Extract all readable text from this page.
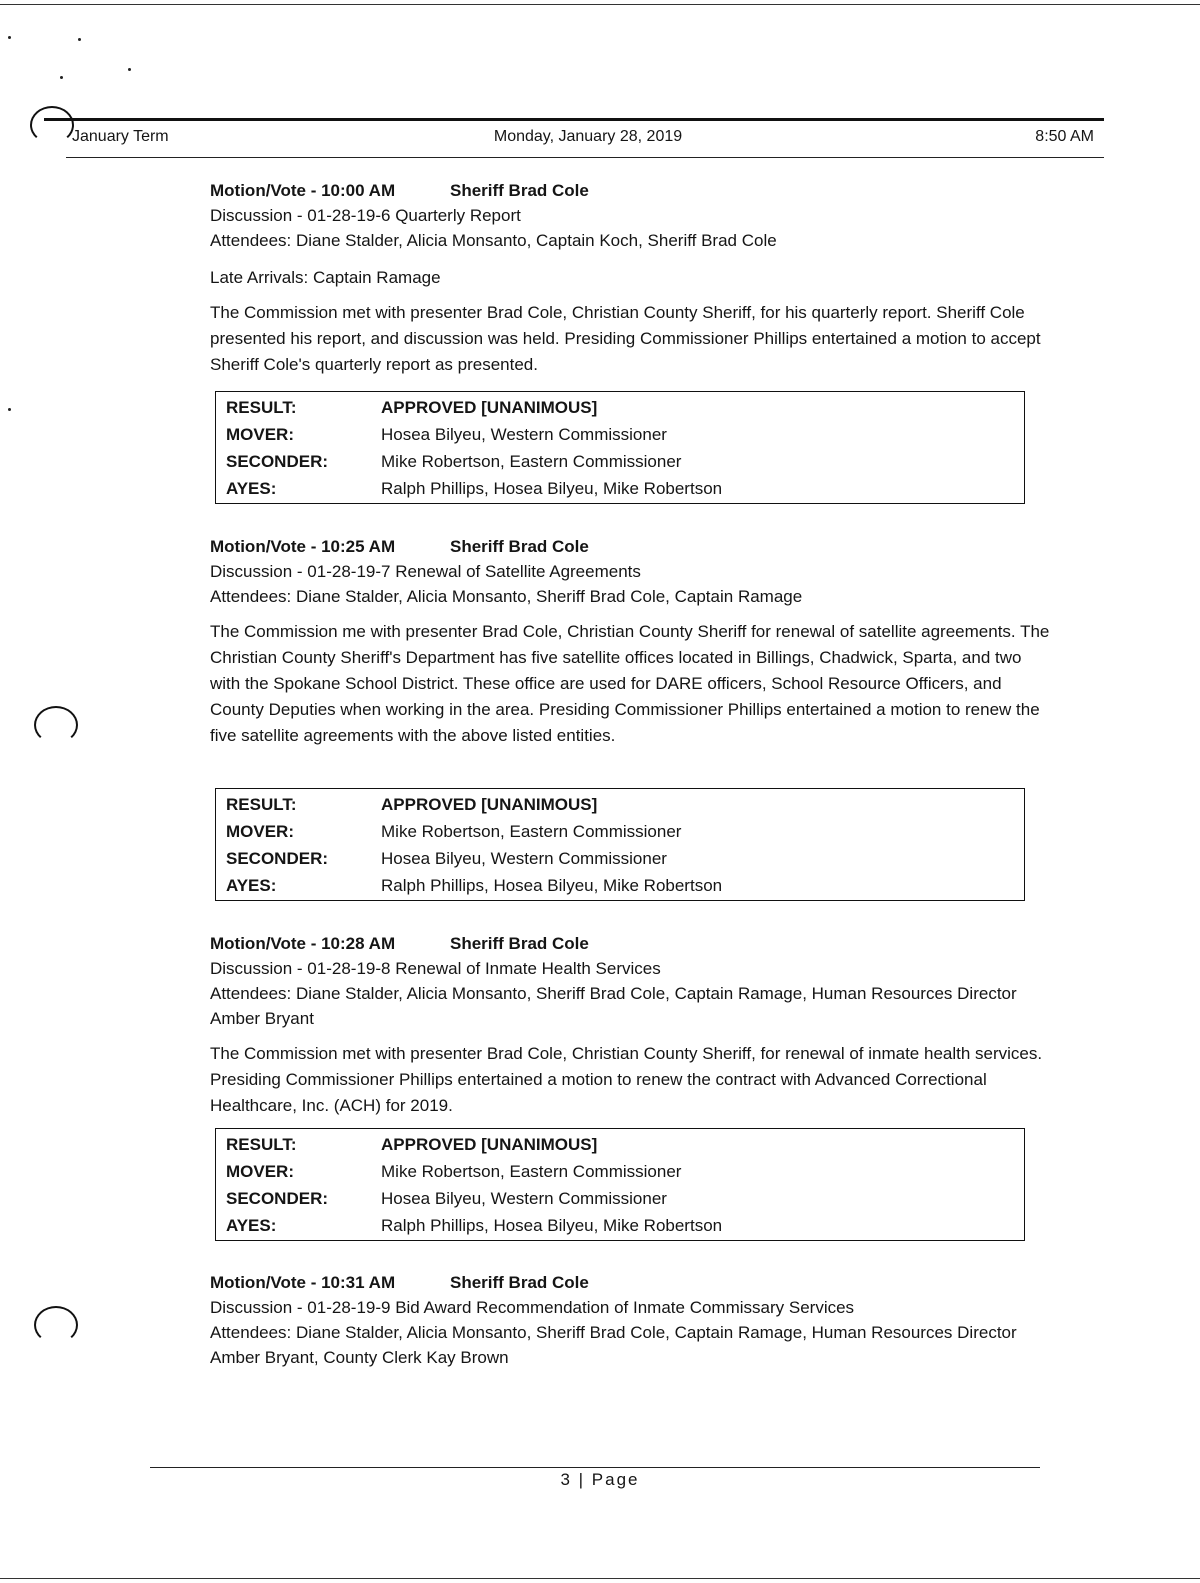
January Term	Monday, January 28, 2019	8:50 AM
Motion/Vote - 10:00 AM	Sheriff Brad Cole
Discussion - 01-28-19-6 Quarterly Report
Attendees: Diane Stalder, Alicia Monsanto, Captain Koch, Sheriff Brad Cole
Late Arrivals: Captain Ramage
The Commission met with presenter Brad Cole, Christian County Sheriff, for his quarterly report. Sheriff Cole presented his report, and discussion was held. Presiding Commissioner Phillips entertained a motion to accept Sheriff Cole's quarterly report as presented.
RESULT:	APPROVED [UNANIMOUS]
MOVER:	Hosea Bilyeu, Western Commissioner
SECONDER:	Mike Robertson, Eastern Commissioner
AYES:	Ralph Phillips, Hosea Bilyeu, Mike Robertson
Motion/Vote - 10:25 AM	Sheriff Brad Cole
Discussion - 01-28-19-7 Renewal of Satellite Agreements
Attendees: Diane Stalder, Alicia Monsanto, Sheriff Brad Cole, Captain Ramage
The Commission me with presenter Brad Cole, Christian County Sheriff for renewal of satellite agreements. The Christian County Sheriff's Department has five satellite offices located in Billings, Chadwick, Sparta, and two with the Spokane School District. These office are used for DARE officers, School Resource Officers, and County Deputies when working in the area. Presiding Commissioner Phillips entertained a motion to renew the five satellite agreements with the above listed entities.
RESULT:	APPROVED [UNANIMOUS]
MOVER:	Mike Robertson, Eastern Commissioner
SECONDER:	Hosea Bilyeu, Western Commissioner
AYES:	Ralph Phillips, Hosea Bilyeu, Mike Robertson
Motion/Vote - 10:28 AM	Sheriff Brad Cole
Discussion - 01-28-19-8 Renewal of Inmate Health Services
Attendees: Diane Stalder, Alicia Monsanto, Sheriff Brad Cole, Captain Ramage, Human Resources Director Amber Bryant
The Commission met with presenter Brad Cole, Christian County Sheriff, for renewal of inmate health services. Presiding Commissioner Phillips entertained a motion to renew the contract with Advanced Correctional Healthcare, Inc. (ACH) for 2019.
RESULT:	APPROVED [UNANIMOUS]
MOVER:	Mike Robertson, Eastern Commissioner
SECONDER:	Hosea Bilyeu, Western Commissioner
AYES:	Ralph Phillips, Hosea Bilyeu, Mike Robertson
Motion/Vote - 10:31 AM	Sheriff Brad Cole
Discussion - 01-28-19-9 Bid Award Recommendation of Inmate Commissary Services
Attendees: Diane Stalder, Alicia Monsanto, Sheriff Brad Cole, Captain Ramage, Human Resources Director Amber Bryant, County Clerk Kay Brown
3 | Page
